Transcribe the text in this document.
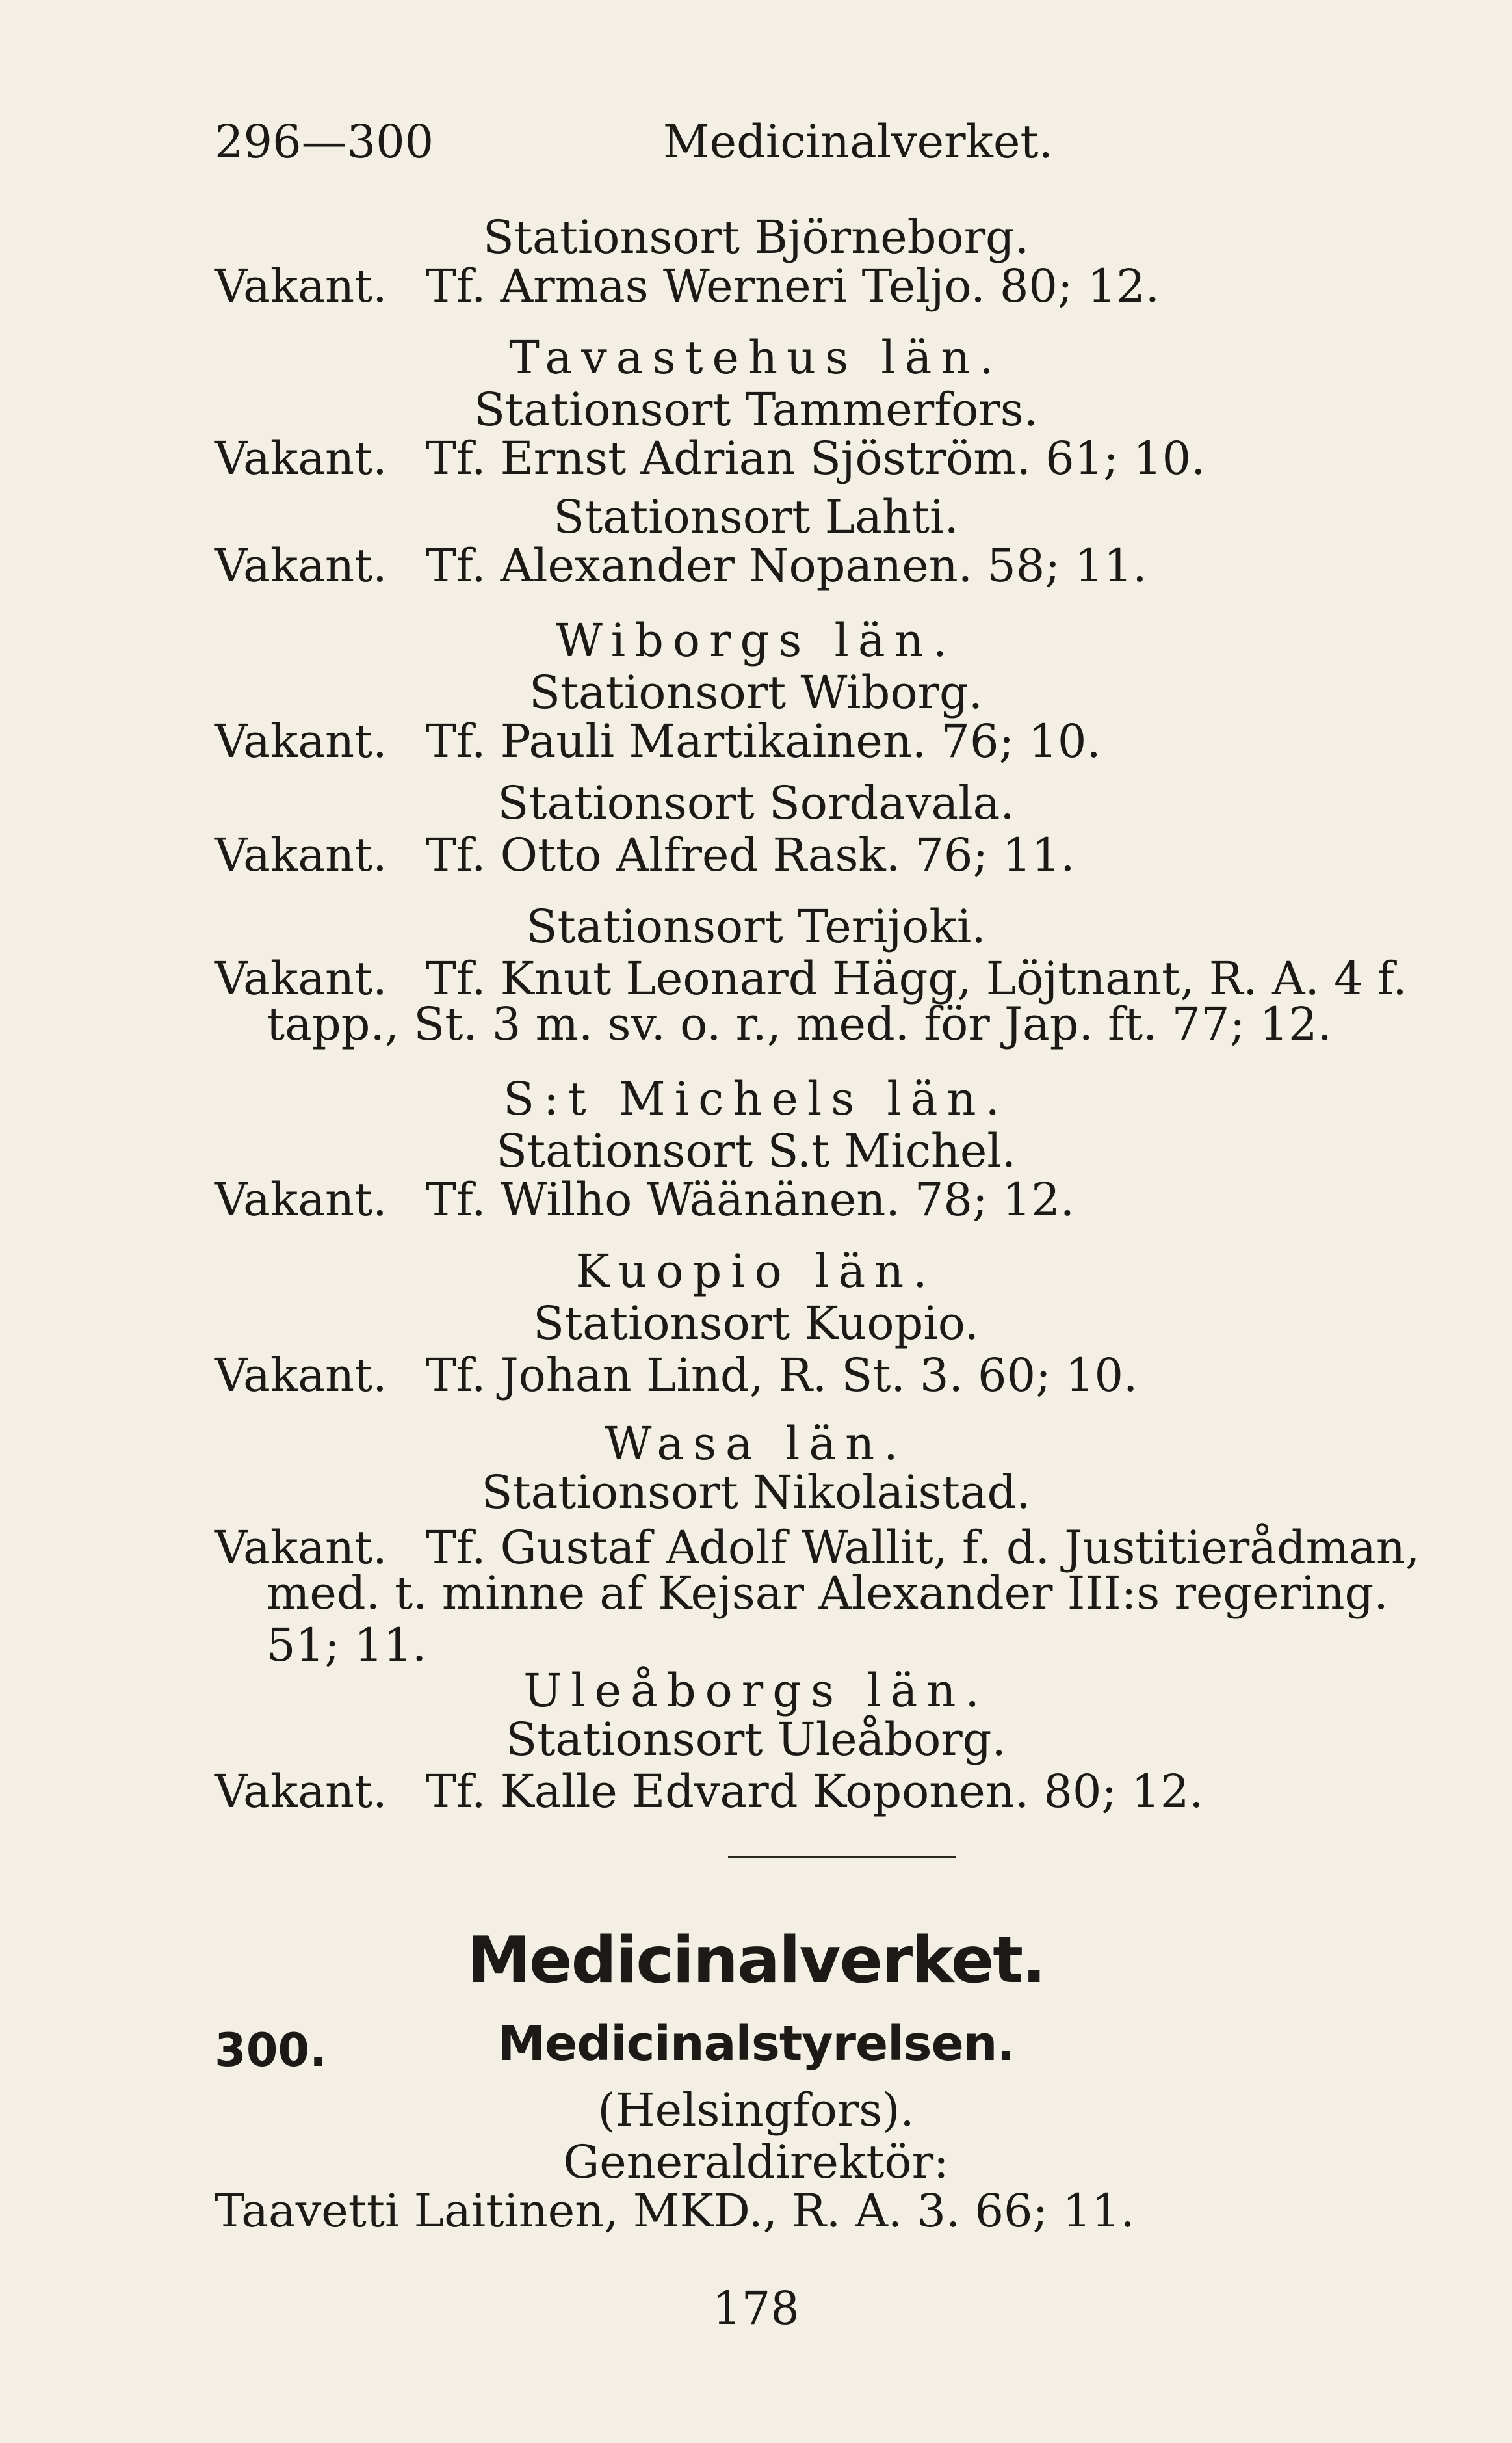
296—300	Medicinalverket.
Stationsort Björneborg.
Vakant. Tf. Armas Werneri Teljo. 80; 12.
Tavastehus län.
Stationsort Tammerfors.
Vakant. Tf. Ernst Adrian Sjöström. 61; 10.
Stationsort Lahti.
Vakant. Tf. Alexander Nopanen. 58; 11.
Wiborgs län.
Stationsort Wiborg.
Vakant. Tf. Pauli Martikainen. 76; 10.
Stationsort Sordavala.
Vakant. Tf. Otto Alfred Rask. 76; 11.
Stationsort Terijoki.
Vakant. Tf. Knut Leonard Hägg, Löjtnant, R. A. 4 f.
tapp., St. 3 m. sv. o. r., med. för Jap. ft. 77; 12.
S:t Michels län.
Stationsort S.t Michel.
Vakant. Tf. Wilho Wäänänen. 78; 12.
Kuopio län.
Stationsort Kuopio.
Vakant. Tf. Johan Lind, R. St. 3. 60; 10.
Wasa län.
Stationsort Nikolaistad.
Vakant. Tf. Gustaf Adolf Wallit, f. d. Justitierådman,
med. t. minne af Kejsar Alexander III:s regering.
51; 11.
Uleåborgs län.
Stationsort Uleåborg.
Vakant. Tf. Kalle Edvard Koponen. 80; 12.
Medicinalverket.
300.	Medicinalstyrelsen.
(Helsingfors).
Generaldirektör:
Taavetti Laitinen, MKD., R. A. 3. 66; 11.
178
